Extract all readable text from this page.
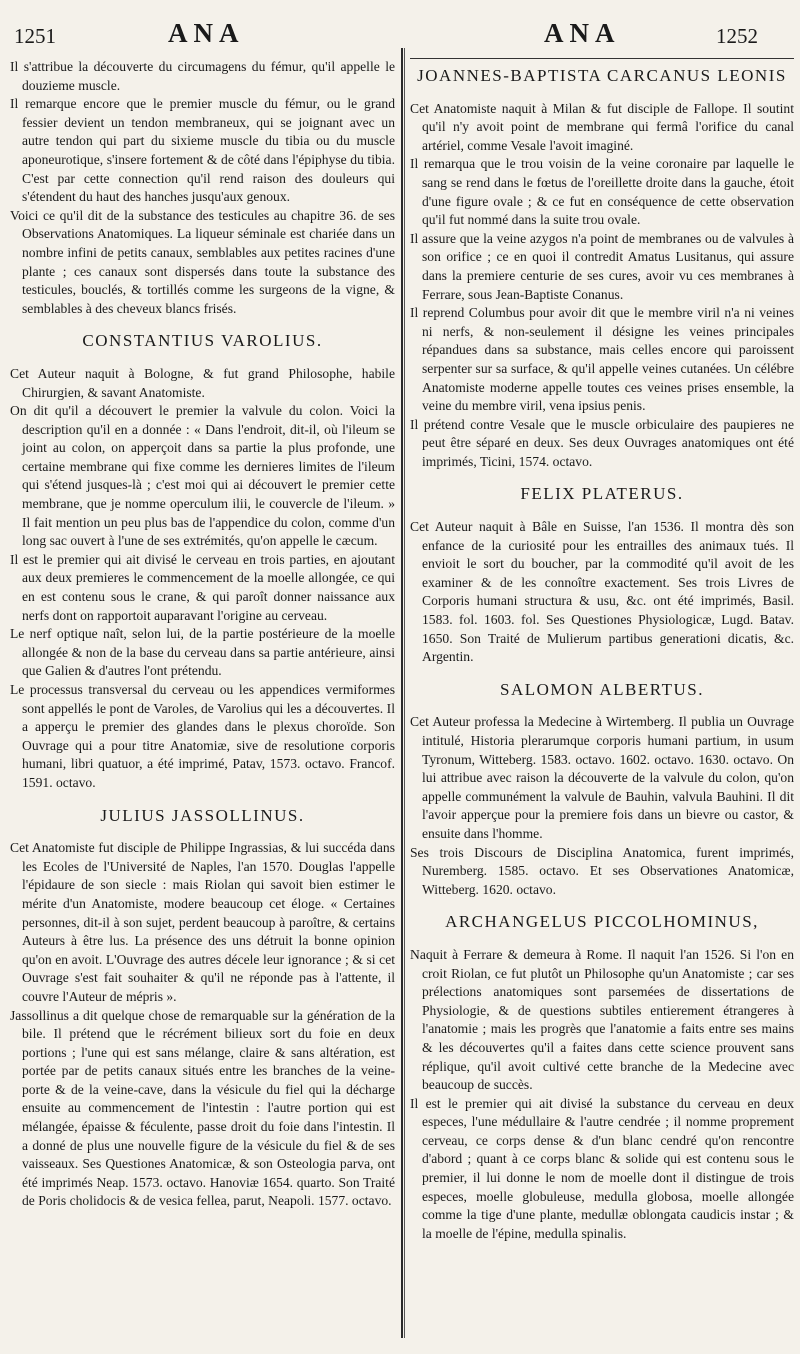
1251	ANA	ANA	1252

Il s'attribue la découverte du circumagens du fémur, qu'il appelle le douzieme muscle.

Il remarque encore que le premier muscle du fémur, ou le grand fessier devient un tendon membraneux, qui se joignant avec un autre tendon qui part du sixieme muscle du tibia ou du muscle aponeurotique, s'insere fortement & de côté dans l'épiphyse du tibia. C'est par cette connection qu'il rend raison des douleurs qui s'étendent du haut des hanches jusqu'aux genoux.

Voici ce qu'il dit de la substance des testicules au chapitre 36. de ses Observations Anatomiques. La liqueur séminale est chariée dans un nombre infini de petits canaux, semblables aux petites racines d'une plante ; ces canaux sont dispersés dans toute la substance des testicules, bouclés, & tortillés comme les surgeons de la vigne, & semblables à des cheveux blancs frisés.

CONSTANTIUS VAROLIUS.

Cet Auteur naquit à Bologne, & fut grand Philosophe, habile Chirurgien, & savant Anatomiste.

On dit qu'il a découvert le premier la valvule du colon. Voici la description qu'il en a donnée : « Dans l'endroit, dit-il, où l'ileum se joint au colon, on apperçoit dans sa partie la plus profonde, une certaine membrane qui fixe comme les dernieres limites de l'ileum qui s'étend jusques-là ; c'est moi qui ai découvert le premier cette membrane, que je nomme operculum ilii, le couvercle de l'ileum. » Il fait mention un peu plus bas de l'appendice du colon, comme d'un long sac ouvert à l'une de ses extrémités, qu'on appelle le cæcum.

Il est le premier qui ait divisé le cerveau en trois parties, en ajoutant aux deux premieres le commencement de la moelle allongée, ce qui en est contenu sous le crane, & qui paroît donner naissance aux nerfs dont on rapportoit auparavant l'origine au cerveau.

Le nerf optique naît, selon lui, de la partie postérieure de la moelle allongée & non de la base du cerveau dans sa partie antérieure, ainsi que Galien & d'autres l'ont prétendu.

Le processus transversal du cerveau ou les appendices vermiformes sont appellés le pont de Varoles, de Varolius qui les a découvertes. Il a apperçu le premier des glandes dans le plexus choroïde. Son Ouvrage qui a pour titre Anatomiæ, sive de resolutione corporis humani, libri quatuor, a été imprimé, Patav, 1573. octavo. Francof. 1591. octavo.

JULIUS JASSOLLINUS.

Cet Anatomiste fut disciple de Philippe Ingrassias, & lui succéda dans les Ecoles de l'Université de Naples, l'an 1570. Douglas l'appelle l'épidaure de son siecle : mais Riolan qui savoit bien estimer le mérite d'un Anatomiste, modere beaucoup cet éloge. « Certaines personnes, dit-il à son sujet, perdent beaucoup à paroître, & certains Auteurs à être lus. La présence des uns détruit la bonne opinion qu'on en avoit. L'Ouvrage des autres décele leur ignorance ; & si cet Ouvrage s'est fait souhaiter & qu'il ne réponde pas à l'attente, il couvre l'Auteur de mépris ».

Jassollinus a dit quelque chose de remarquable sur la génération de la bile. Il prétend que le récrément bilieux sort du foie en deux portions ; l'une qui est sans mélange, claire & sans altération, est portée par de petits canaux situés entre les branches de la veine-porte & de la veine-cave, dans la vésicule du fiel qui la décharge ensuite au commencement de l'intestin : l'autre portion qui est mélangée, épaisse & féculente, passe droit du foie dans l'intestin. Il a donné de plus une nouvelle figure de la vésicule du fiel & de ses vaisseaux. Ses Questiones Anatomicæ, & son Osteologia parva, ont été imprimés Neap. 1573. octavo. Hanoviæ 1654. quarto. Son Traité de Poris cholidocis & de vesica fellea, parut, Neapoli. 1577. octavo.

JOANNES-BAPTISTA CARCANUS LEONIS

Cet Anatomiste naquit à Milan & fut disciple de Fallope. Il soutint qu'il n'y avoit point de membrane qui fermâ l'orifice du canal artériel, comme Vesale l'avoit imaginé.

Il remarqua que le trou voisin de la veine coronaire par laquelle le sang se rend dans le fœtus de l'oreillette droite dans la gauche, étoit d'une figure ovale ; & ce fut en conséquence de cette observation qu'il fut nommé dans la suite trou ovale.

Il assure que la veine azygos n'a point de membranes ou de valvules à son orifice ; ce en quoi il contredit Amatus Lusitanus, qui assure dans la premiere centurie de ses cures, avoir vu ces membranes à Ferrare, sous Jean-Baptiste Conanus.

Il reprend Columbus pour avoir dit que le membre viril n'a ni veines ni nerfs, & non-seulement il désigne les veines principales répandues dans sa substance, mais celles encore qui paroissent serpenter sur sa surface, & qu'il appelle veines cutanées. Un célébre Anatomiste moderne appelle toutes ces veines prises ensemble, la veine du membre viril, vena ipsius penis.

Il prétend contre Vesale que le muscle orbiculaire des paupieres ne peut être séparé en deux. Ses deux Ouvrages anatomiques ont été imprimés, Ticini, 1574. octavo.

FELIX PLATERUS.

Cet Auteur naquit à Bâle en Suisse, l'an 1536. Il montra dès son enfance de la curiosité pour les entrailles des animaux tués. Il envioit le sort du boucher, par la commodité qu'il avoit de les examiner & de les connoître exactement. Ses trois Livres de Corporis humani structura & usu, &c. ont été imprimés, Basil. 1583. fol. 1603. fol. Ses Questiones Physiologicæ, Lugd. Batav. 1650. Son Traité de Mulierum partibus generationi dicatis, &c. Argentin.

SALOMON ALBERTUS.

Cet Auteur professa la Medecine à Wirtemberg. Il publia un Ouvrage intitulé, Historia plerarumque corporis humani partium, in usum Tyronum, Witteberg. 1583. octavo. 1602. octavo. 1630. octavo. On lui attribue avec raison la découverte de la valvule du colon, qu'on appelle communément la valvule de Bauhin, valvula Bauhini. Il dit l'avoir apperçue pour la premiere fois dans un bievre ou castor, & ensuite dans l'homme.

Ses trois Discours de Disciplina Anatomica, furent imprimés, Nuremberg. 1585. octavo. Et ses Observationes Anatomicæ, Witteberg. 1620. octavo.

ARCHANGELUS PICCOLHOMINUS,

Naquit à Ferrare & demeura à Rome. Il naquit l'an 1526. Si l'on en croit Riolan, ce fut plutôt un Philosophe qu'un Anatomiste ; car ses prélections anatomiques sont parsemées de dissertations de Physiologie, & de questions subtiles entierement étrangeres à l'anatomie ; mais les progrès que l'anatomie a faits entre ses mains & les découvertes qu'il a faites dans cette science prouvent sans réplique, qu'il avoit cultivé cette branche de la Medecine avec beaucoup de succès.

Il est le premier qui ait divisé la substance du cerveau en deux especes, l'une médullaire & l'autre cendrée ; il nomme proprement cerveau, ce corps dense & d'un blanc cendré qu'on rencontre d'abord ; quant à ce corps blanc & solide qui est contenu sous le premier, il lui donne le nom de moelle dont il distingue de trois especes, moelle globuleuse, medulla globosa, moelle allongée comme la tige d'une plante, medullæ oblongata caudicis instar ; & la moelle de l'épine, medulla spinalis.
